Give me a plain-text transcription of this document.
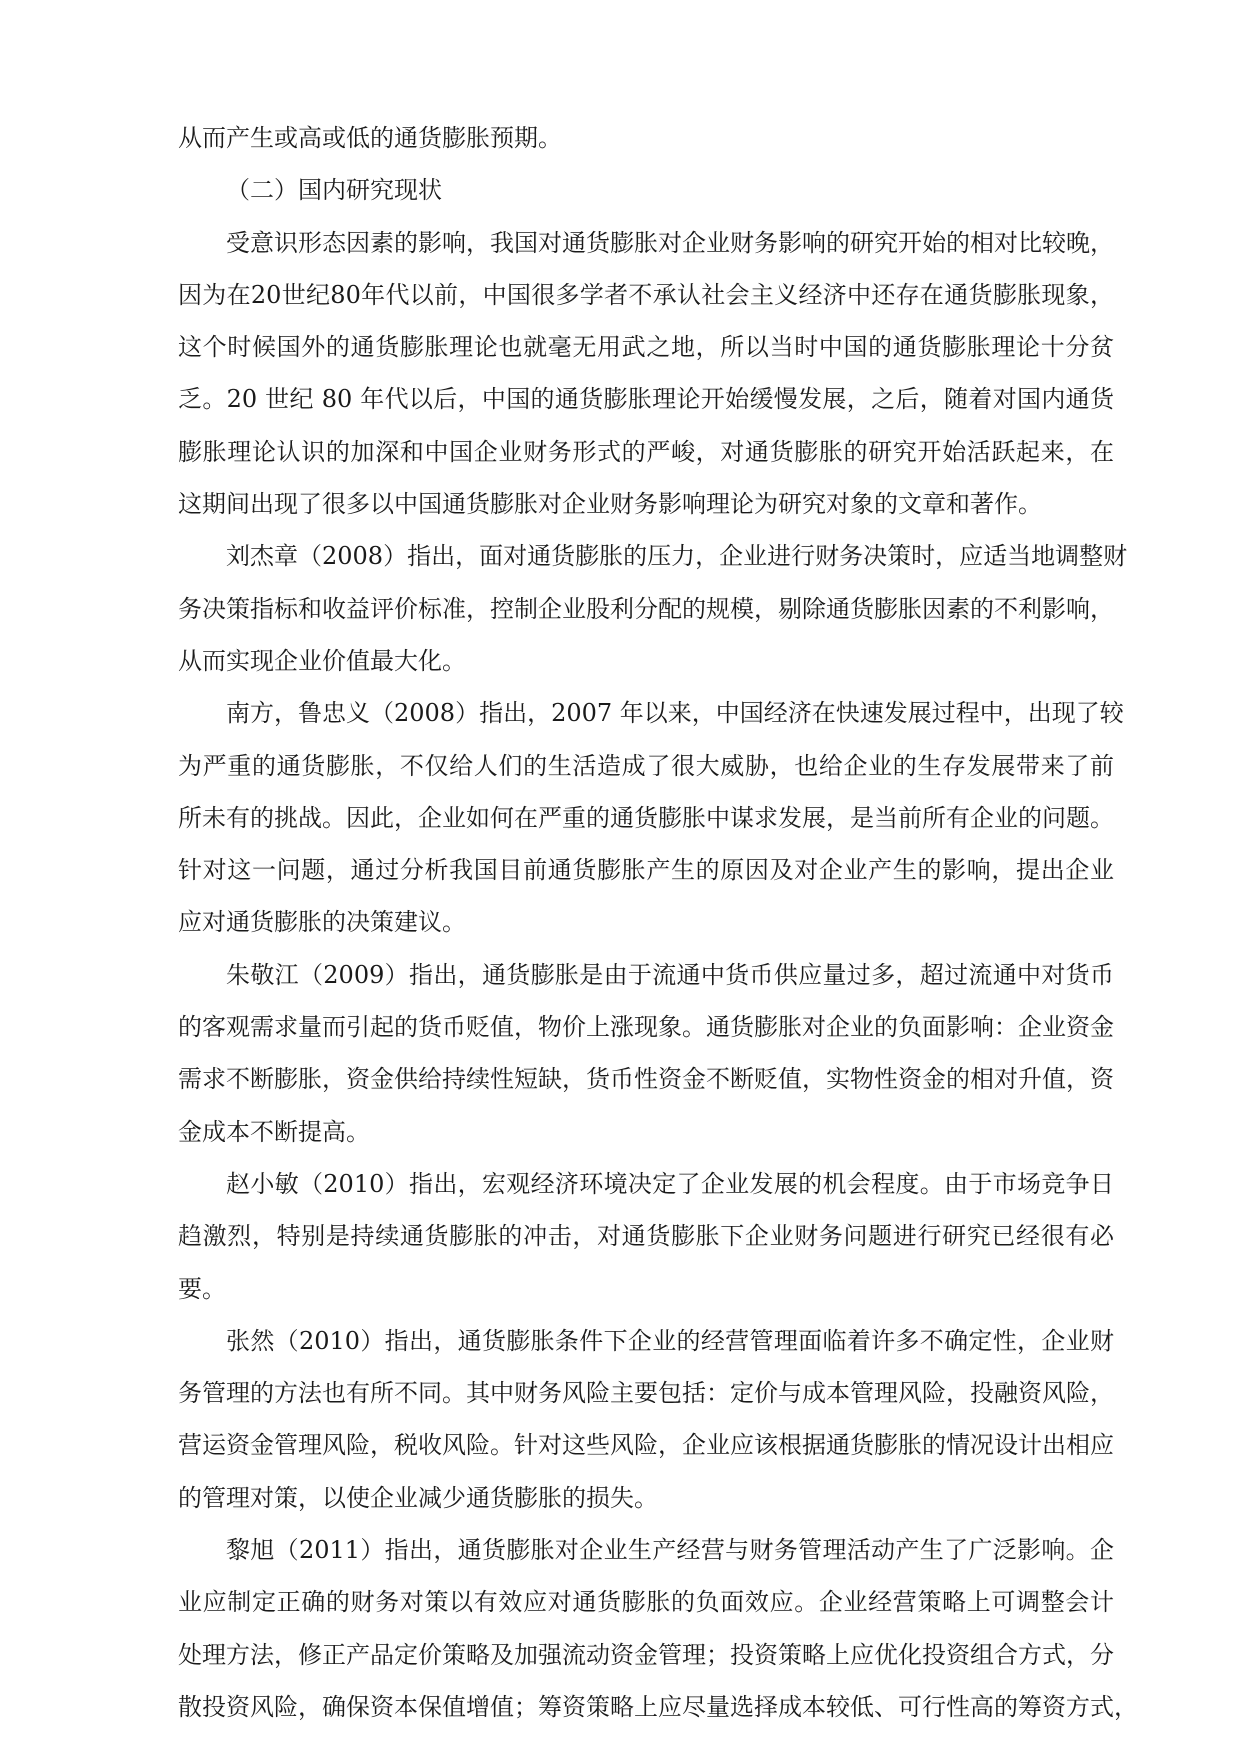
从而产生或高或低的通货膨胀预期。
（二）国内研究现状
受意识形态因素的影响，我国对通货膨胀对企业财务影响的研究开始的相对比较晚，
因为在20世纪80年代以前，中国很多学者不承认社会主义经济中还存在通货膨胀现象，
这个时候国外的通货膨胀理论也就毫无用武之地，所以当时中国的通货膨胀理论十分贫
乏。20 世纪 80 年代以后，中国的通货膨胀理论开始缓慢发展，之后，随着对国内通货
膨胀理论认识的加深和中国企业财务形式的严峻，对通货膨胀的研究开始活跃起来，在
这期间出现了很多以中国通货膨胀对企业财务影响理论为研究对象的文章和著作。
刘杰章（2008）指出，面对通货膨胀的压力，企业进行财务决策时，应适当地调整财
务决策指标和收益评价标准，控制企业股利分配的规模，剔除通货膨胀因素的不利影响，
从而实现企业价值最大化。
南方，鲁忠义（2008）指出，2007 年以来，中国经济在快速发展过程中，出现了较
为严重的通货膨胀，不仅给人们的生活造成了很大威胁，也给企业的生存发展带来了前
所未有的挑战。因此，企业如何在严重的通货膨胀中谋求发展，是当前所有企业的问题。
针对这一问题，通过分析我国目前通货膨胀产生的原因及对企业产生的影响，提出企业
应对通货膨胀的决策建议。
朱敬江（2009）指出，通货膨胀是由于流通中货币供应量过多，超过流通中对货币
的客观需求量而引起的货币贬值，物价上涨现象。通货膨胀对企业的负面影响：企业资金
需求不断膨胀，资金供给持续性短缺，货币性资金不断贬值，实物性资金的相对升值，资
金成本不断提高。
赵小敏（2010）指出，宏观经济环境决定了企业发展的机会程度。由于市场竞争日
趋激烈，特别是持续通货膨胀的冲击，对通货膨胀下企业财务问题进行研究已经很有必
要。
张然（2010）指出，通货膨胀条件下企业的经营管理面临着许多不确定性，企业财
务管理的方法也有所不同。其中财务风险主要包括：定价与成本管理风险，投融资风险，
营运资金管理风险，税收风险。针对这些风险，企业应该根据通货膨胀的情况设计出相应
的管理对策，以使企业减少通货膨胀的损失。
黎旭（2011）指出，通货膨胀对企业生产经营与财务管理活动产生了广泛影响。企
业应制定正确的财务对策以有效应对通货膨胀的负面效应。企业经营策略上可调整会计
处理方法，修正产品定价策略及加强流动资金管理；投资策略上应优化投资组合方式，分
散投资风险，确保资本保值增值；筹资策略上应尽量选择成本较低、可行性高的筹资方式，
